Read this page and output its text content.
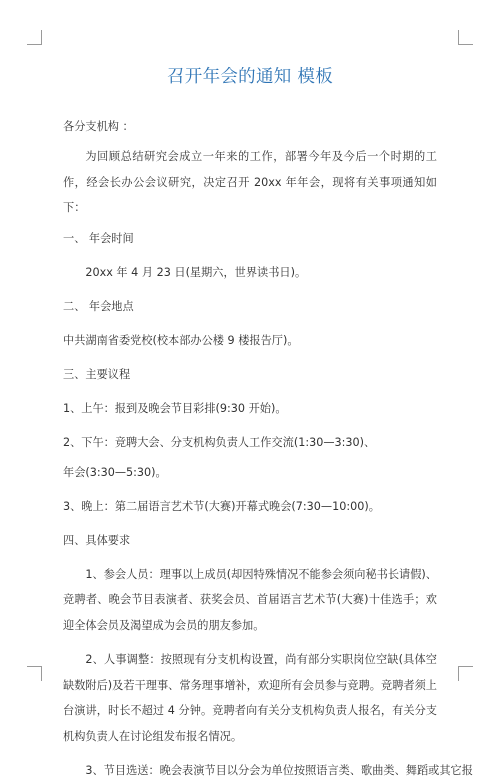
召开年会的通知 模板
各分支机构 ：
为回顾总结研究会成立一年来的工作，部署今年及今后一个时期的工作，经会长办公会议研究，决定召开 20xx 年年会，现将有关事项通知如下：
一、 年会时间
20xx 年 4 月 23 日(星期六，世界读书日)。
二、 年会地点
中共湖南省委党校(校本部办公楼 9 楼报告厅)。
三、主要议程
1、上午：报到及晚会节目彩排(9:30 开始)。
2、下午：竞聘大会、分支机构负责人工作交流(1:30—3:30)、
年会(3:30—5:30)。
3、晚上：第二届语言艺术节(大赛)开幕式晚会(7:30—10:00)。
四、具体要求
1、参会人员：理事以上成员(却因特殊情况不能参会须向秘书长请假)、竞聘者、晚会节目表演者、获奖会员、首届语言艺术节(大赛)十佳选手；欢迎全体会员及渴望成为会员的朋友参加。
2、人事调整：按照现有分支机构设置，尚有部分实职岗位空缺(具体空缺数附后)及若干理事、常务理事增补，欢迎所有会员参与竞聘。竞聘者须上台演讲，时长不超过 4 分钟。竞聘者向有关分支机构负责人报名，有关分支机构负责人在讨论组发布报名情况。
3、节目选送：晚会表演节目以分会为单位按照语言类、歌曲类、舞蹈或其它报
